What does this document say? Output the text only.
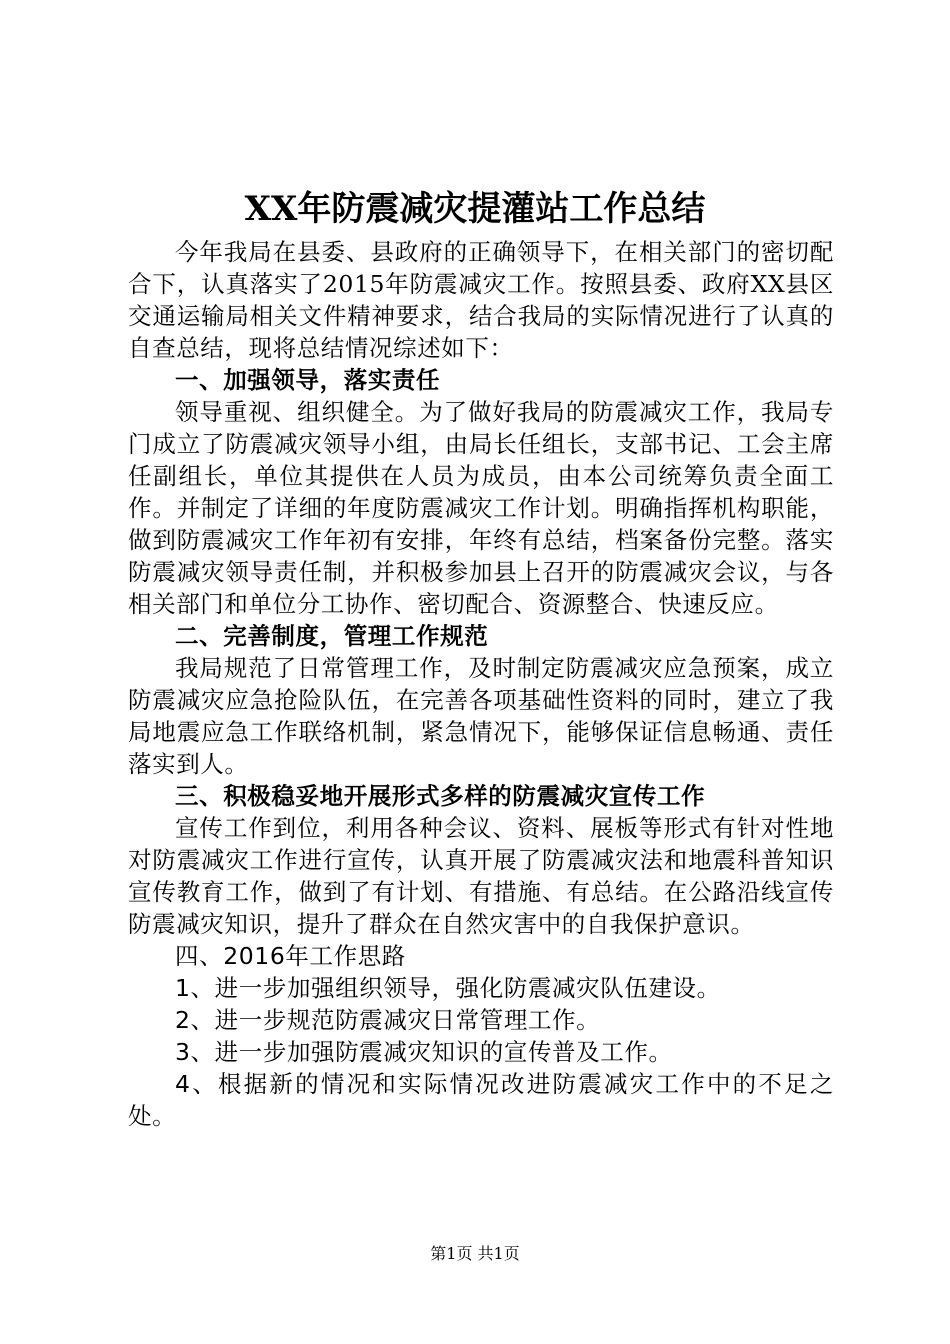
XX年防震减灾提灌站工作总结

今年我局在县委、县政府的正确领导下，在相关部门的密切配合下，认真落实了2015年防震减灾工作。按照县委、政府XX县区交通运输局相关文件精神要求，结合我局的实际情况进行了认真的自查总结，现将总结情况综述如下：

一、加强领导，落实责任

领导重视、组织健全。为了做好我局的防震减灾工作，我局专门成立了防震减灾领导小组，由局长任组长，支部书记、工会主席任副组长，单位其提供在人员为成员，由本公司统筹负责全面工作。并制定了详细的年度防震减灾工作计划。明确指挥机构职能，做到防震减灾工作年初有安排，年终有总结，档案备份完整。落实防震减灾领导责任制，并积极参加县上召开的防震减灾会议，与各相关部门和单位分工协作、密切配合、资源整合、快速反应。

二、完善制度，管理工作规范

我局规范了日常管理工作，及时制定防震减灾应急预案，成立防震减灾应急抢险队伍，在完善各项基础性资料的同时，建立了我局地震应急工作联络机制，紧急情况下，能够保证信息畅通、责任落实到人。

三、积极稳妥地开展形式多样的防震减灾宣传工作

宣传工作到位，利用各种会议、资料、展板等形式有针对性地对防震减灾工作进行宣传，认真开展了防震减灾法和地震科普知识宣传教育工作，做到了有计划、有措施、有总结。在公路沿线宣传防震减灾知识，提升了群众在自然灾害中的自我保护意识。

四、2016年工作思路

1、进一步加强组织领导，强化防震减灾队伍建设。

2、进一步规范防震减灾日常管理工作。

3、进一步加强防震减灾知识的宣传普及工作。

4、根据新的情况和实际情况改进防震减灾工作中的不足之处。

第1页 共1页
